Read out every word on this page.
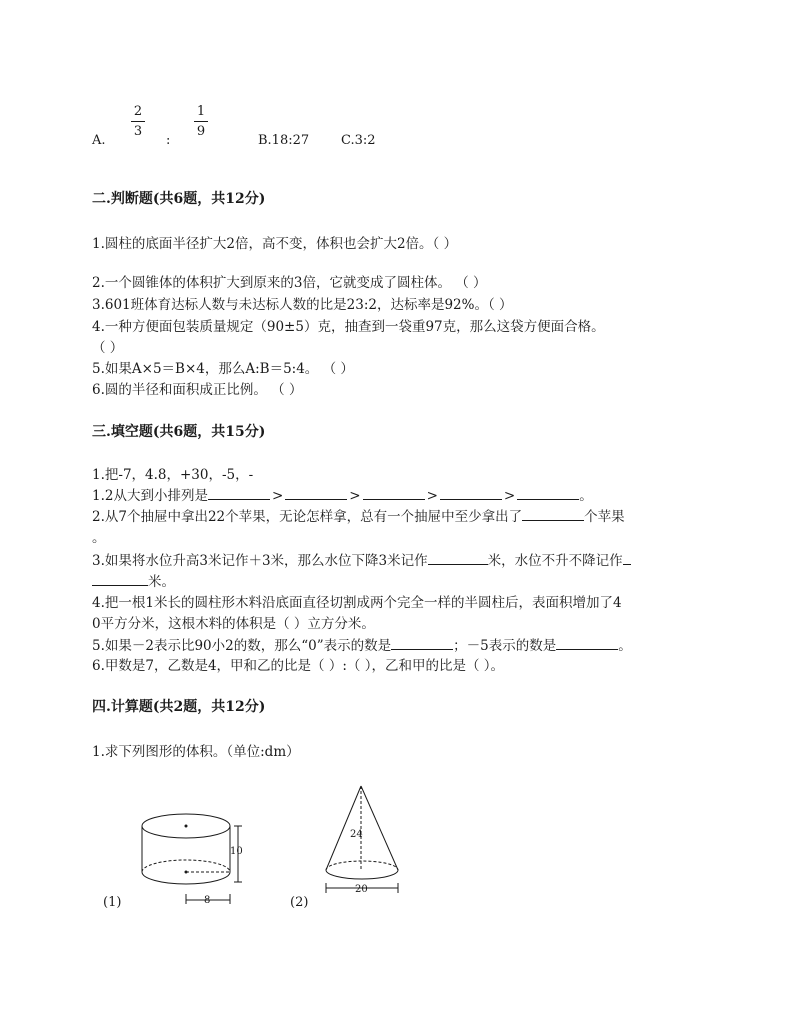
2
3
1
9
A.	:	B.18:27 C.3:2
二.判断题(共6题，共12分)
1.圆柱的底面半径扩大2倍，高不变，体积也会扩大2倍。（ ）
2.一个圆锥体的体积扩大到原来的3倍，它就变成了圆柱体。 （ ）
3.601班体育达标人数与未达标人数的比是23:2，达标率是92%。（ ）
4.一种方便面包装质量规定（90±5）克，抽查到一袋重97克，那么这袋方便面合格。
（ ）
5.如果A×5＝B×4，那么A:B＝5:4。 （ ）
6.圆的半径和面积成正比例。 （ ）
三.填空题(共6题，共15分)
1.把-7，4.8，+30，-5，-
1.2从大到小排列是	>	>	>	>	。
2.从7个抽屉中拿出22个苹果，无论怎样拿，总有一个抽屉中至少拿出了	个苹果
。
3.如果将水位升高3米记作＋3米，那么水位下降3米记作	米，水位不升不降记作
米。
4.把一根1米长的圆柱形木料沿底面直径切割成两个完全一样的半圆柱后，表面积增加了4
0平方分米，这根木料的体积是（ ）立方分米。
5.如果－2表示比90小2的数，那么“0”表示的数是	；－5表示的数是	。
6.甲数是7，乙数是4，甲和乙的比是（ ）:（ ），乙和甲的比是（ ）。
四.计算题(共2题，共12分)
1.求下列图形的体积。（单位:dm）
10
8
(1)
24
20
(2)
